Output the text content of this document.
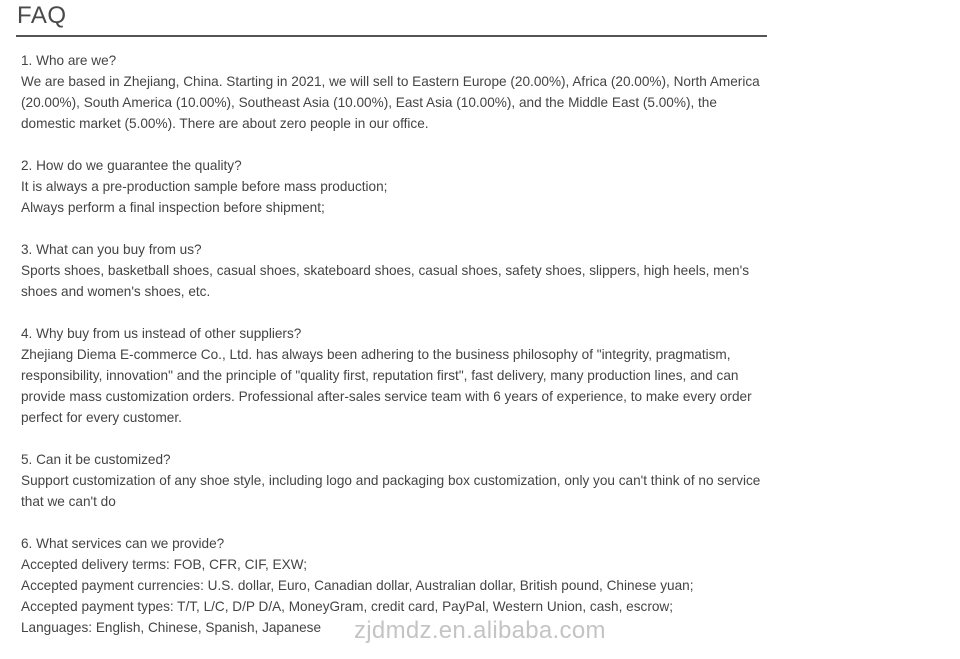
FAQ

1. Who are we?

We are based in Zhejiang, China. Starting in 2021, we will sell to Eastern Europe (20.00%), Africa (20.00%), North America (20.00%), South America (10.00%), Southeast Asia (10.00%), East Asia (10.00%), and the Middle East (5.00%), the domestic market (5.00%). There are about zero people in our office.

2. How do we guarantee the quality?

It is always a pre-production sample before mass production;

Always perform a final inspection before shipment;

3. What can you buy from us?

Sports shoes, basketball shoes, casual shoes, skateboard shoes, casual shoes, safety shoes, slippers, high heels, men's shoes and women's shoes, etc.

4. Why buy from us instead of other suppliers?

Zhejiang Diema E-commerce Co., Ltd. has always been adhering to the business philosophy of "integrity, pragmatism, responsibility, innovation" and the principle of "quality first, reputation first", fast delivery, many production lines, and can provide mass customization orders. Professional after-sales service team with 6 years of experience, to make every order perfect for every customer.

5. Can it be customized?

Support customization of any shoe style, including logo and packaging box customization, only you can't think of no service that we can't do

6. What services can we provide?

Accepted delivery terms: FOB, CFR, CIF, EXW;

Accepted payment currencies: U.S. dollar, Euro, Canadian dollar, Australian dollar, British pound, Chinese yuan;

Accepted payment types: T/T, L/C, D/P D/A, MoneyGram, credit card, PayPal, Western Union, cash, escrow;

Languages: English, Chinese, Spanish, Japanese	zjdmdz.en.alibaba.com
